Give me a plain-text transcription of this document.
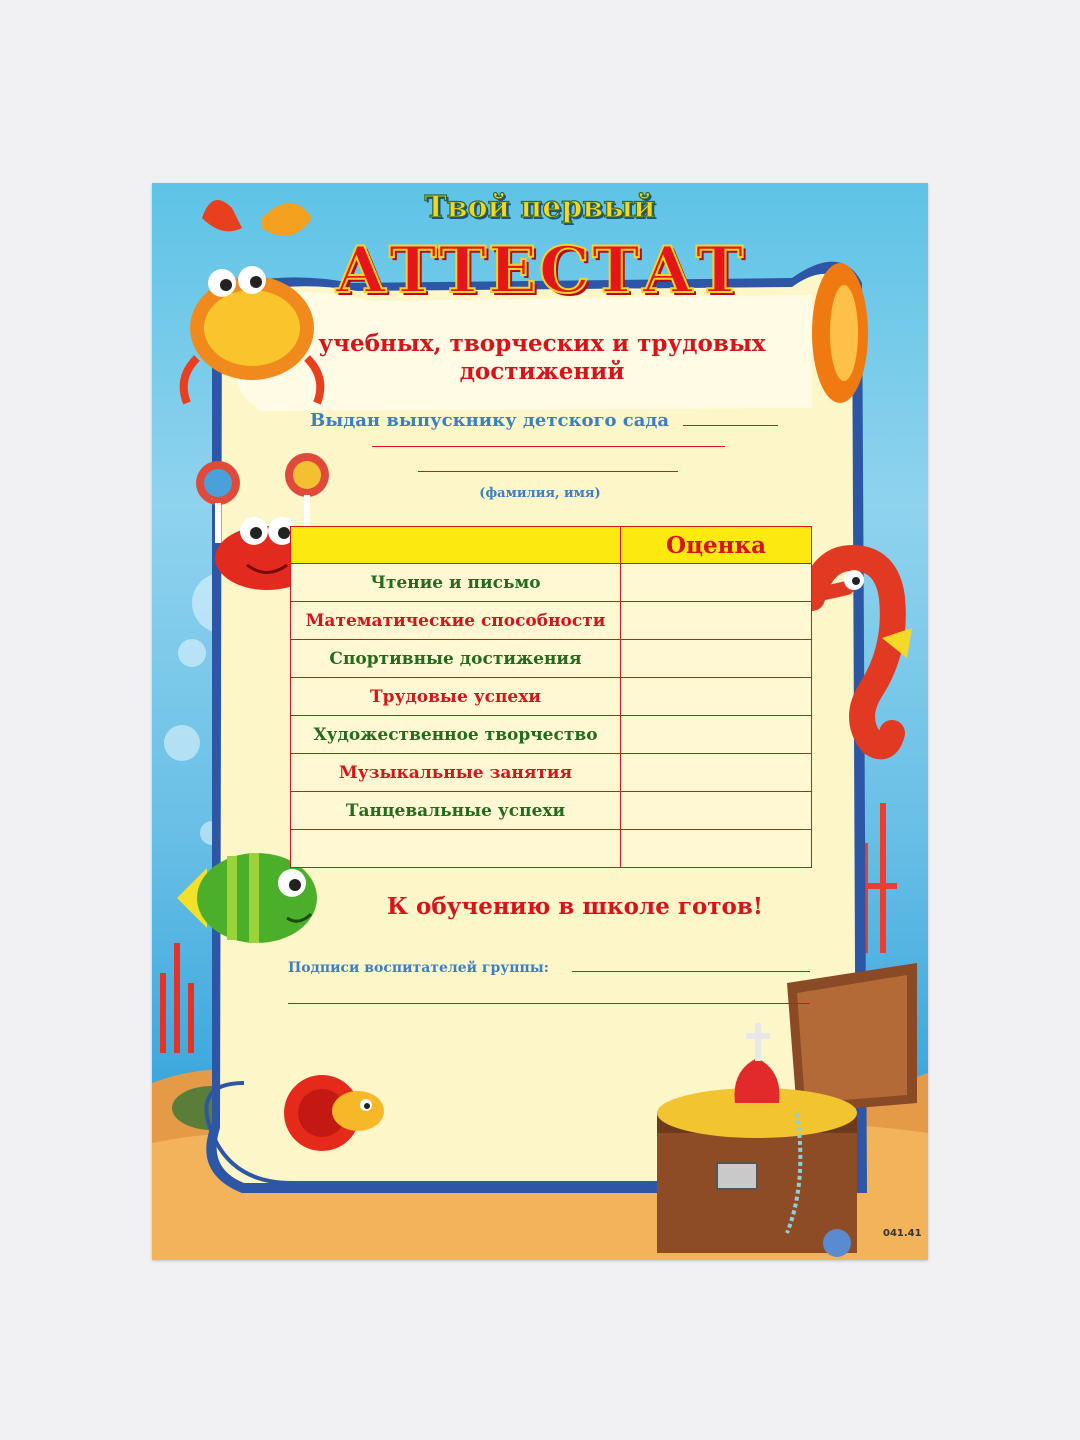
Твой первый
АТТЕСТАТ
учебных, творческих и трудовых
достижений
Выдан выпускнику детского сада
(фамилия, имя)
	Оценка
Чтение и письмо	
Математические способности	
Спортивные достижения	
Трудовые успехи	
Художественное творчество	
Музыкальные занятия	
Танцевальные успехи	

К обучению в школе готов!
Подписи воспитателей группы:
041.41
